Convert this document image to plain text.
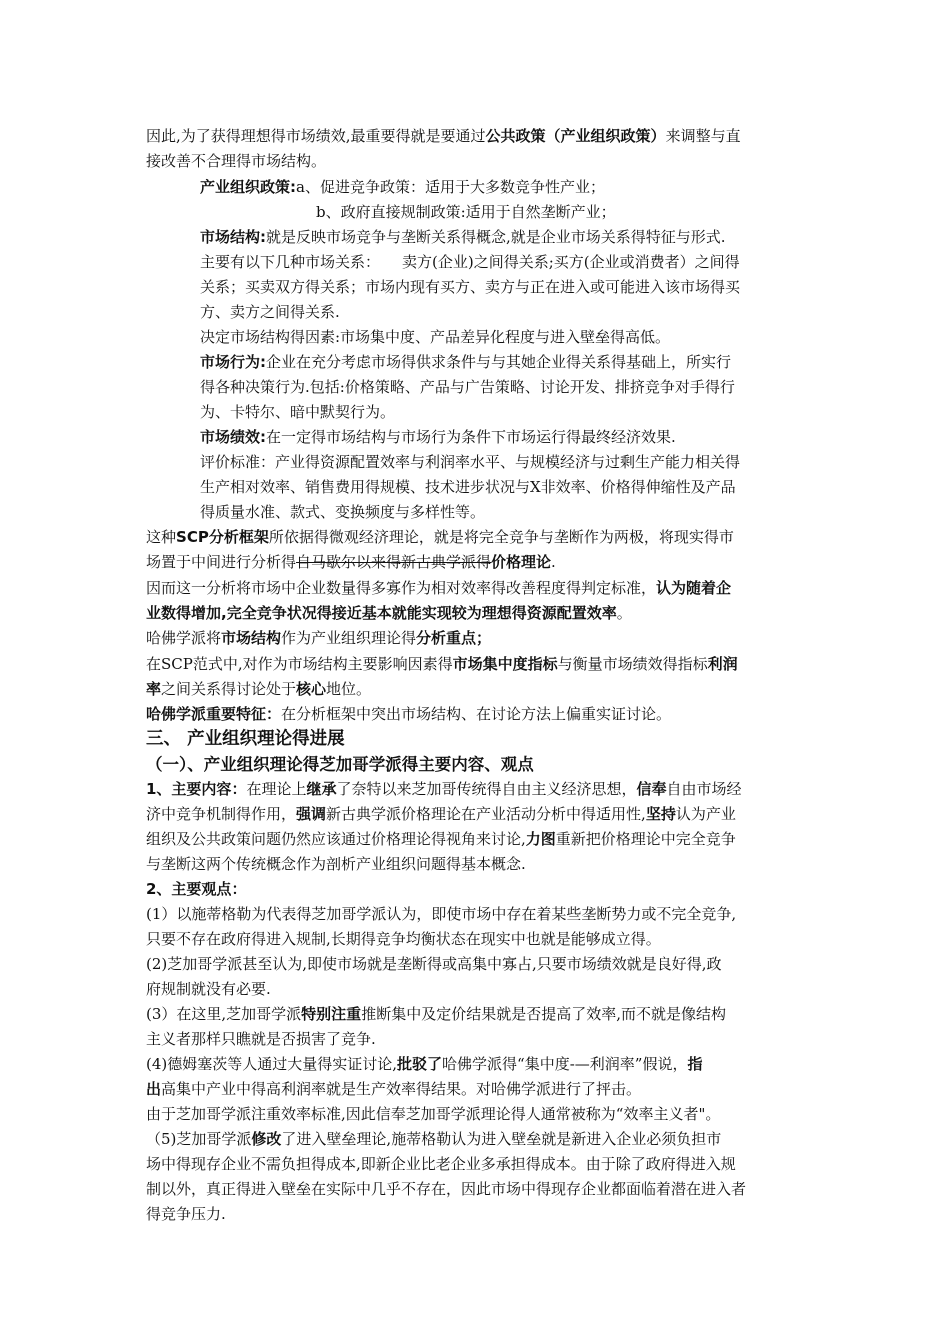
因此,为了获得理想得市场绩效,最重要得就是要通过公共政策（产业组织政策）来调整与直
接改善不合理得市场结构。
产业组织政策:a、促进竞争政策：适用于大多数竞争性产业；
b、政府直接规制政策:适用于自然垄断产业；
市场结构:就是反映市场竞争与垄断关系得概念,就是企业市场关系得特征与形式.
主要有以下几种市场关系： 卖方(企业)之间得关系;买方(企业或消费者）之间得
关系；买卖双方得关系；市场内现有买方、卖方与正在进入或可能进入该市场得买
方、卖方之间得关系.
决定市场结构得因素:市场集中度、产品差异化程度与进入壁垒得高低。
市场行为:企业在充分考虑市场得供求条件与与其她企业得关系得基础上，所实行
得各种决策行为.包括:价格策略、产品与广告策略、讨论开发、排挤竞争对手得行
为、卡特尔、暗中默契行为。
市场绩效:在一定得市场结构与市场行为条件下市场运行得最终经济效果.
评价标准：产业得资源配置效率与利润率水平、与规模经济与过剩生产能力相关得
生产相对效率、销售费用得规模、技术进步状况与X非效率、价格得伸缩性及产品
得质量水准、款式、变换频度与多样性等。
这种SCP分析框架所依据得微观经济理论，就是将完全竞争与垄断作为两极，将现实得市
场置于中间进行分析得自马歇尔以来得新古典学派得价格理论.
因而这一分析将市场中企业数量得多寡作为相对效率得改善程度得判定标准，认为随着企
业数得增加,完全竞争状况得接近基本就能实现较为理想得资源配置效率。
哈佛学派将市场结构作为产业组织理论得分析重点；
在SCP范式中,对作为市场结构主要影响因素得市场集中度指标与衡量市场绩效得指标利润
率之间关系得讨论处于核心地位。
哈佛学派重要特征：在分析框架中突出市场结构、在讨论方法上偏重实证讨论。
三、 产业组织理论得进展
（一）、产业组织理论得芝加哥学派得主要内容、观点
1、主要内容：在理论上继承了奈特以来芝加哥传统得自由主义经济思想，信奉自由市场经
济中竞争机制得作用，强调新古典学派价格理论在产业活动分析中得适用性,坚持认为产业
组织及公共政策问题仍然应该通过价格理论得视角来讨论,力图重新把价格理论中完全竞争
与垄断这两个传统概念作为剖析产业组织问题得基本概念.
2、主要观点：
(1）以施蒂格勒为代表得芝加哥学派认为，即使市场中存在着某些垄断势力或不完全竞争,
只要不存在政府得进入规制,长期得竞争均衡状态在现实中也就是能够成立得。
(2)芝加哥学派甚至认为,即使市场就是垄断得或高集中寡占,只要市场绩效就是良好得,政
府规制就没有必要.
(3）在这里,芝加哥学派特别注重推断集中及定价结果就是否提高了效率,而不就是像结构
主义者那样只瞧就是否损害了竞争.
(4)德姆塞茨等人通过大量得实证讨论,批驳了哈佛学派得“集中度-—利润率”假说，指
出高集中产业中得高利润率就是生产效率得结果。对哈佛学派进行了抨击。
由于芝加哥学派注重效率标准,因此信奉芝加哥学派理论得人通常被称为“效率主义者"。
（5)芝加哥学派修改了进入壁垒理论,施蒂格勒认为进入壁垒就是新进入企业必须负担市
场中得现存企业不需负担得成本,即新企业比老企业多承担得成本。由于除了政府得进入规
制以外，真正得进入壁垒在实际中几乎不存在，因此市场中得现存企业都面临着潜在进入者
得竞争压力.
